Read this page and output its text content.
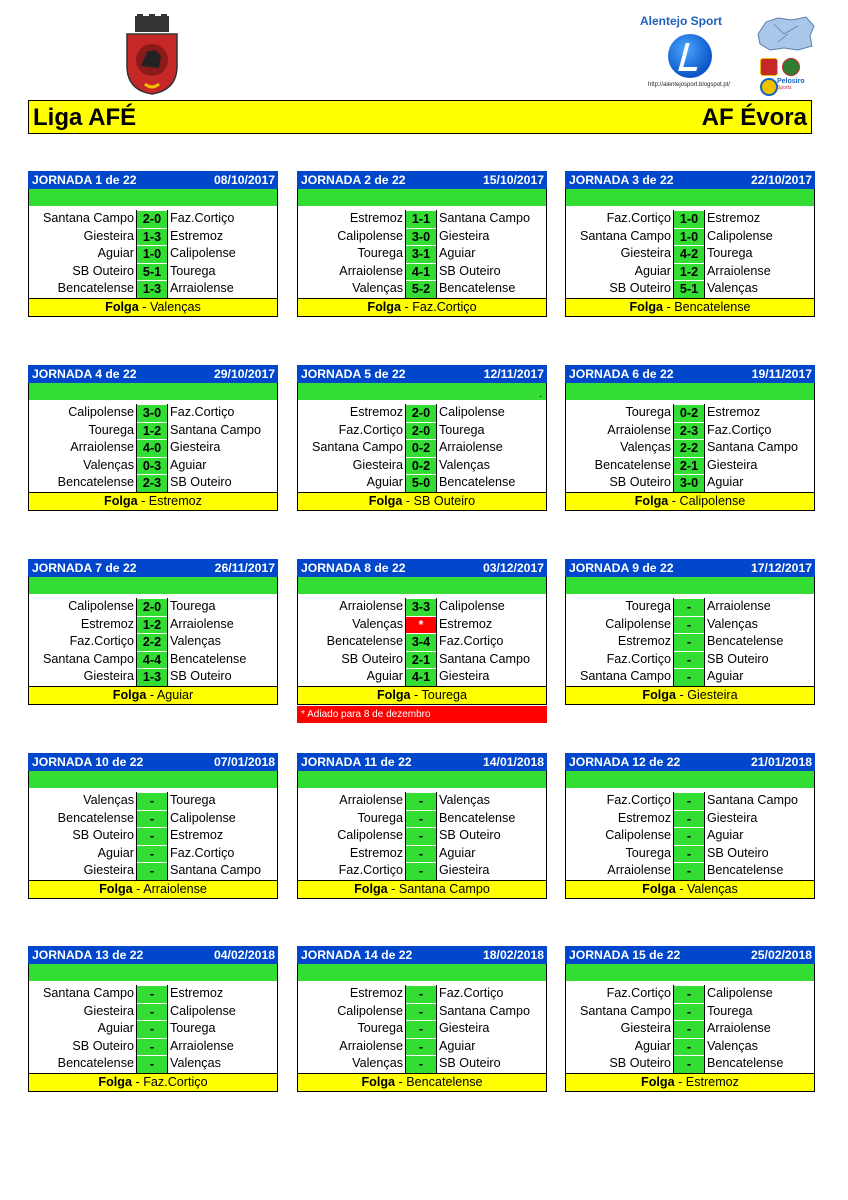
Alentejo Sport
http://alentejosport.blogspot.pt/	Pelosiro
Sports
Liga AFÉ	AF Évora
JORNADA 1 de 22	08/10/2017
Santana Campo 2-0 Faz.Cortiço
Giesteira 1-3 Estremoz
Aguiar 1-0 Calipolense
SB Outeiro 5-1 Tourega
Bencatelense 1-3 Arraiolense
Folga - Valenças
JORNADA 2 de 22	15/10/2017
Estremoz 1-1 Santana Campo
Calipolense 3-0 Giesteira
Tourega 3-1 Aguiar
Arraiolense 4-1 SB Outeiro
Valenças 5-2 Bencatelense
Folga - Faz.Cortiço
JORNADA 3 de 22	22/10/2017
Faz.Cortiço 1-0 Estremoz
Santana Campo 1-0 Calipolense
Giesteira 4-2 Tourega
Aguiar 1-2 Arraiolense
SB Outeiro 5-1 Valenças
Folga - Bencatelense
JORNADA 4 de 22	29/10/2017
Calipolense 3-0 Faz.Cortiço
Tourega 1-2 Santana Campo
Arraiolense 4-0 Giesteira
Valenças 0-3 Aguiar
Bencatelense 2-3 SB Outeiro
Folga - Estremoz
JORNADA 5 de 22	12/11/2017
.
Estremoz 2-0 Calipolense
Faz.Cortiço 2-0 Tourega
Santana Campo 0-2 Arraiolense
Giesteira 0-2 Valenças
Aguiar 5-0 Bencatelense
Folga - SB Outeiro
JORNADA 6 de 22	19/11/2017
Tourega 0-2 Estremoz
Arraiolense 2-3 Faz.Cortiço
Valenças 2-2 Santana Campo
Bencatelense 2-1 Giesteira
SB Outeiro 3-0 Aguiar
Folga - Calipolense
JORNADA 7 de 22	26/11/2017
Calipolense 2-0 Tourega
Estremoz 1-2 Arraiolense
Faz.Cortiço 2-2 Valenças
Santana Campo 4-4 Bencatelense
Giesteira 1-3 SB Outeiro
Folga - Aguiar
JORNADA 8 de 22	03/12/2017
Arraiolense 3-3 Calipolense
Valenças	*	Estremoz
Bencatelense 3-4 Faz.Cortiço
SB Outeiro 2-1 Santana Campo
Aguiar 4-1 Giesteira
Folga - Tourega
* Adiado para 8 de dezembro
JORNADA 9 de 22	17/12/2017
Tourega	-	Arraiolense
Calipolense	-	Valenças
Estremoz	-	Bencatelense
Faz.Cortiço	-	SB Outeiro
Santana Campo	-	Aguiar
Folga - Giesteira
JORNADA 10 de 22	07/01/2018
Valenças	-	Tourega
Bencatelense	-	Calipolense
SB Outeiro	-	Estremoz
Aguiar	-	Faz.Cortiço
Giesteira	-	Santana Campo
Folga - Arraiolense
JORNADA 11 de 22	14/01/2018
Arraiolense	-	Valenças
Tourega	-	Bencatelense
Calipolense	-	SB Outeiro
Estremoz	-	Aguiar
Faz.Cortiço	-	Giesteira
Folga - Santana Campo
JORNADA 12 de 22	21/01/2018
Faz.Cortiço	-	Santana Campo
Estremoz	-	Giesteira
Calipolense	-	Aguiar
Tourega	-	SB Outeiro
Arraiolense	-	Bencatelense
Folga - Valenças
JORNADA 13 de 22	04/02/2018
Santana Campo	-	Estremoz
Giesteira	-	Calipolense
Aguiar	-	Tourega
SB Outeiro	-	Arraiolense
Bencatelense	-	Valenças
Folga - Faz.Cortiço
JORNADA 14 de 22	18/02/2018
Estremoz	-	Faz.Cortiço
Calipolense	-	Santana Campo
Tourega	-	Giesteira
Arraiolense	-	Aguiar
Valenças	-	SB Outeiro
Folga - Bencatelense
JORNADA 15 de 22	25/02/2018
Faz.Cortiço	-	Calipolense
Santana Campo	-	Tourega
Giesteira	-	Arraiolense
Aguiar	-	Valenças
SB Outeiro	-	Bencatelense
Folga - Estremoz
